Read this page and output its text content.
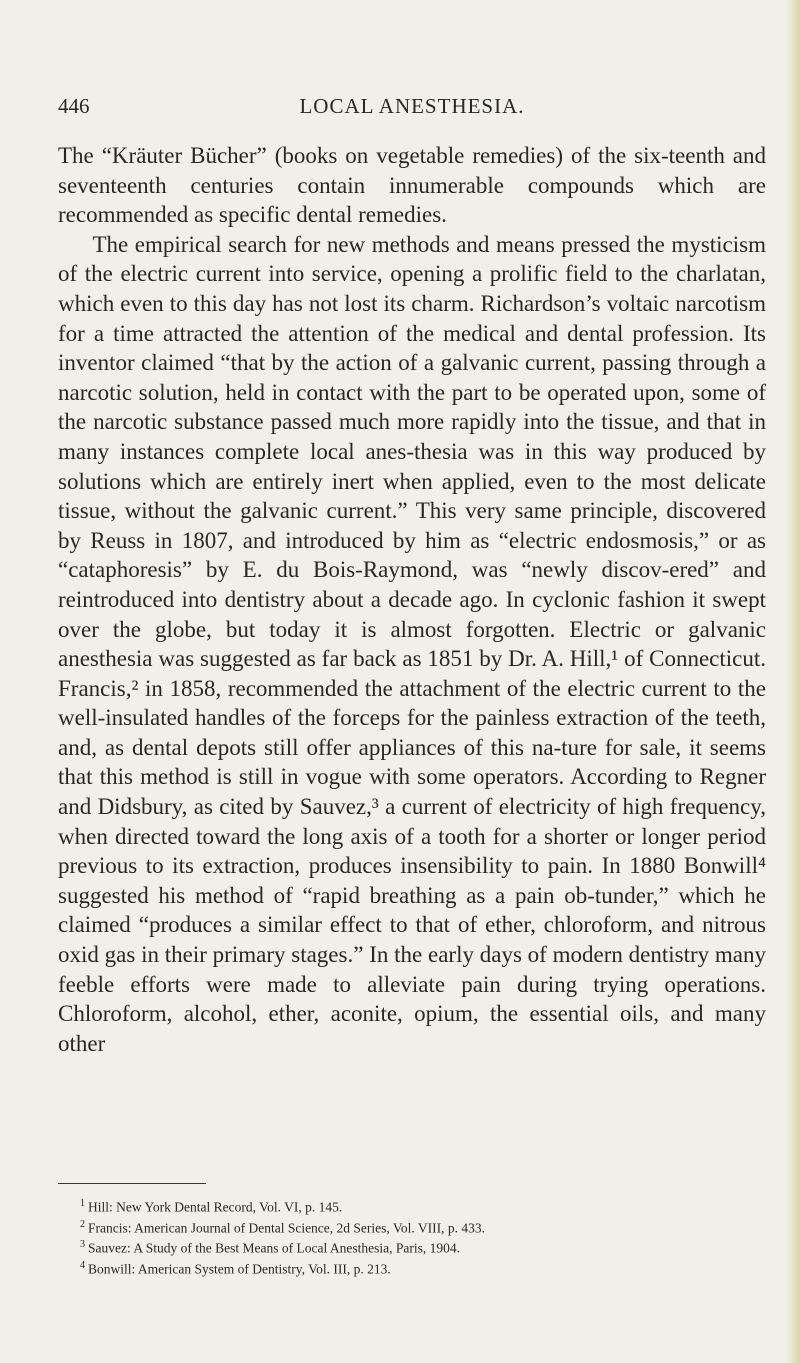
446	LOCAL ANESTHESIA.

The “Kräuter Bücher” (books on vegetable remedies) of the six-teenth and seventeenth centuries contain innumerable compounds which are recommended as specific dental remedies.

The empirical search for new methods and means pressed the mysticism of the electric current into service, opening a prolific field to the charlatan, which even to this day has not lost its charm. Richardson’s voltaic narcotism for a time attracted the attention of the medical and dental profession. Its inventor claimed “that by the action of a galvanic current, passing through a narcotic solution, held in contact with the part to be operated upon, some of the narcotic substance passed much more rapidly into the tissue, and that in many instances complete local anes-thesia was in this way produced by solutions which are entirely inert when applied, even to the most delicate tissue, without the galvanic current.” This very same principle, discovered by Reuss in 1807, and introduced by him as “electric endosmosis,” or as “cataphoresis” by E. du Bois-Raymond, was “newly discov-ered” and reintroduced into dentistry about a decade ago. In cyclonic fashion it swept over the globe, but today it is almost forgotten. Electric or galvanic anesthesia was suggested as far back as 1851 by Dr. A. Hill,¹ of Connecticut. Francis,² in 1858, recommended the attachment of the electric current to the well-insulated handles of the forceps for the painless extraction of the teeth, and, as dental depots still offer appliances of this na-ture for sale, it seems that this method is still in vogue with some operators. According to Regner and Didsbury, as cited by Sauvez,³ a current of electricity of high frequency, when directed toward the long axis of a tooth for a shorter or longer period previous to its extraction, produces insensibility to pain. In 1880 Bonwill⁴ suggested his method of “rapid breathing as a pain ob-tunder,” which he claimed “produces a similar effect to that of ether, chloroform, and nitrous oxid gas in their primary stages.” In the early days of modern dentistry many feeble efforts were made to alleviate pain during trying operations. Chloroform, alcohol, ether, aconite, opium, the essential oils, and many other

$^1$ Hill: New York Dental Record, Vol. VI, p. 145.

$^2$ Francis: American Journal of Dental Science, 2d Series, Vol. VIII, p. 433.

$^3$ Sauvez: A Study of the Best Means of Local Anesthesia, Paris, 1904.

$^4$ Bonwill: American System of Dentistry, Vol. III, p. 213.
